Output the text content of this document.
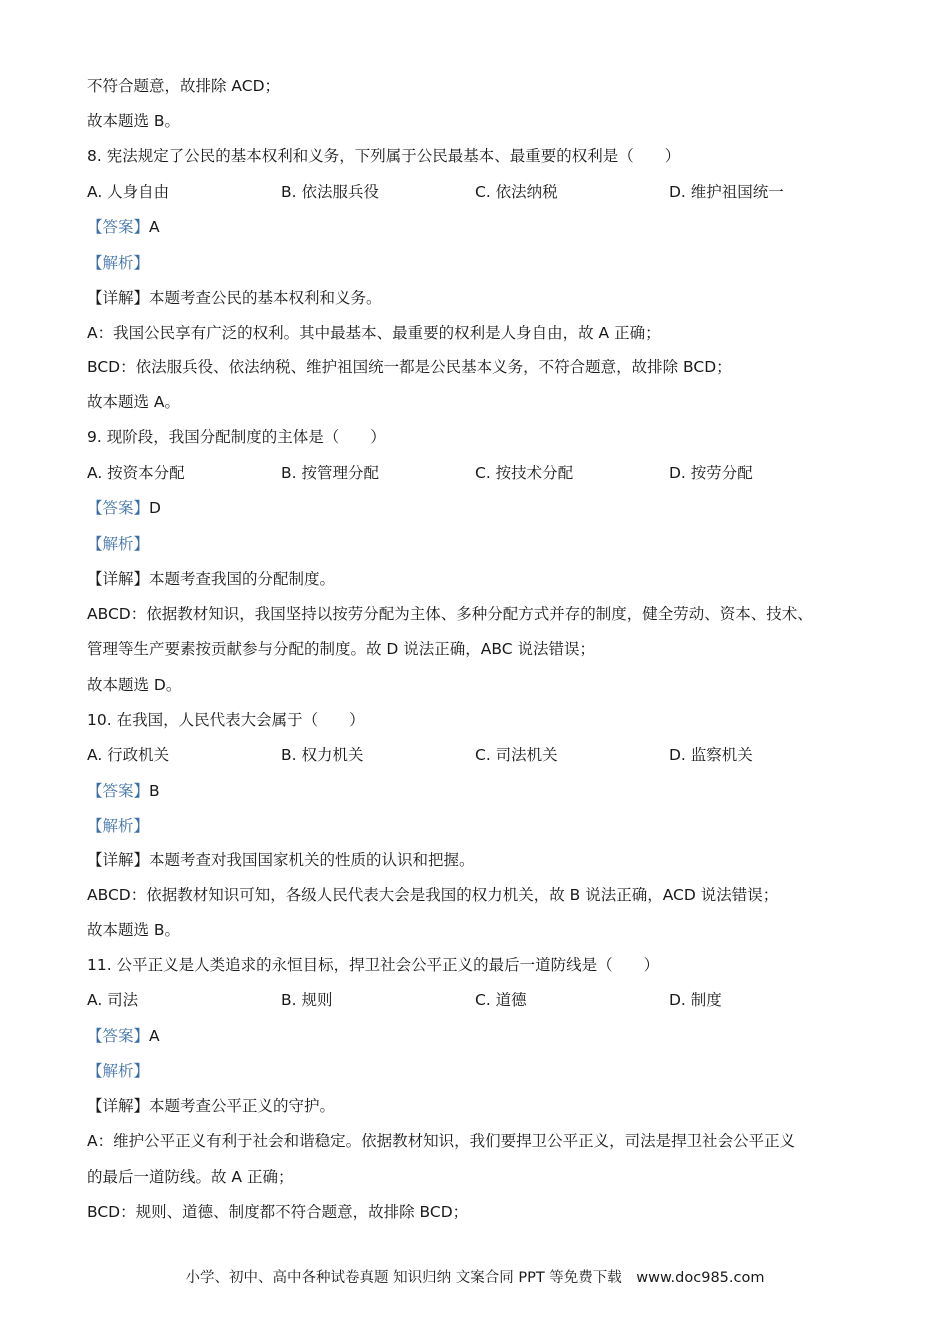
不符合题意，故排除 ACD；
故本题选 B。
8. 宪法规定了公民的基本权利和义务，下列属于公民最基本、最重要的权利是（　　）
A. 人身自由	B. 依法服兵役	C. 依法纳税	D. 维护祖国统一
【答案】A
【解析】
【详解】本题考查公民的基本权利和义务。
A：我国公民享有广泛的权利。其中最基本、最重要的权利是人身自由，故 A 正确；
BCD：依法服兵役、依法纳税、维护祖国统一都是公民基本义务，不符合题意，故排除 BCD；
故本题选 A。
9. 现阶段，我国分配制度的主体是（　　）
A. 按资本分配	B. 按管理分配	C. 按技术分配	D. 按劳分配
【答案】D
【解析】
【详解】本题考查我国的分配制度。
ABCD：依据教材知识，我国坚持以按劳分配为主体、多种分配方式并存的制度，健全劳动、资本、技术、
管理等生产要素按贡献参与分配的制度。故 D 说法正确，ABC 说法错误；
故本题选 D。
10. 在我国，人民代表大会属于（　　）
A. 行政机关	B. 权力机关	C. 司法机关	D. 监察机关
【答案】B
【解析】
【详解】本题考查对我国国家机关的性质的认识和把握。
ABCD：依据教材知识可知，各级人民代表大会是我国的权力机关，故 B 说法正确，ACD 说法错误；
故本题选 B。
11. 公平正义是人类追求的永恒目标，捍卫社会公平正义的最后一道防线是（　　）
A. 司法	B. 规则	C. 道德	D. 制度
【答案】A
【解析】
【详解】本题考查公平正义的守护。
A：维护公平正义有利于社会和谐稳定。依据教材知识，我们要捍卫公平正义，司法是捍卫社会公平正义
的最后一道防线。故 A 正确；
BCD：规则、道德、制度都不符合题意，故排除 BCD；
小学、初中、高中各种试卷真题 知识归纳 文案合同 PPT 等免费下载　www.doc985.com
